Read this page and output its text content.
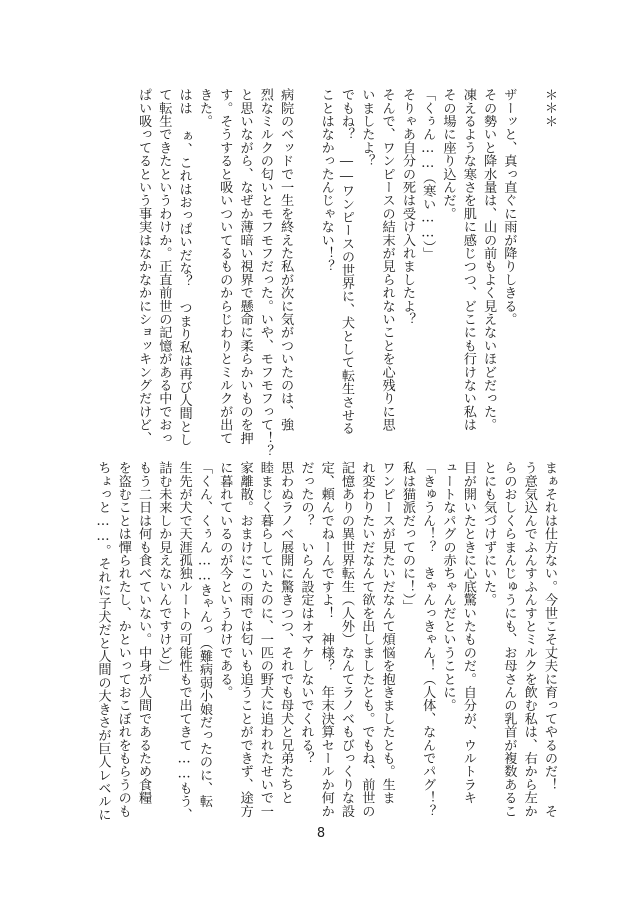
＊＊＊

ザーッと、真っ直ぐに雨が降りしきる。
その勢いと降水量は、山の前もよく見えないほどだった。
凍えるような寒さを肌に感じつつ、どこにも行けない私は
その場に座り込んだ。
「くぅん……（寒い……）」
そりゃあ自分の死は受け入れましたよ？
そんで、ワンピースの結末が見られないことを心残りに思
いましたよ？
でもね？　――ワンピースの世界に、犬として転生させる
ことはなかったんじゃない！？

病院のベッドで一生を終えた私が次に気がついたのは、強
烈なミルクの匂いとモフモフだった。いや、モフモフって！？
と思いながら、なぜか薄暗い視界で懸命に柔らかいものを押
す。そうすると吸いついてるものからじわりとミルクが出て
きた。
はは ぁ、これはおっぱいだな？　つまり私は再び人間とし
て転生できたというわけか。正直前世の記憶がある中でおっ
ぱい吸ってるという事実はなかなかにショッキングだけど、
まぁそれは仕方ない。今世こそ丈夫に育ってやるのだ！　そ
う意気込んでふんすふんすとミルクを飲む私は、右から左か
らのおしくらまんじゅうにも、お母さんの乳首が複数あるこ
とにも気づけずにいた。
目が開いたときに心底驚いたものだ。自分が、ウルトラキ
ュートなパグの赤ちゃんだということに。
「きゅうん！？　きゃんっきゃん！（人体、なんでパグ！？
私は猫派だってのに！）」
ワンピースが見たいだなんて煩悩を抱きましたとも。生ま
れ変わりたいだなんて欲を出しましたとも。でもね、前世の
記憶ありの異世界転生（人外）なんてラノベもびっくりな設
定、頼んでねーんですよ！　神様？　年末決算セールか何か
だったの？　いらん設定はオマケしないでくれる？
思わぬラノベ展開に驚きつつ、それでも母犬と兄弟たちと
睦まじく暮らしていたのに、一匹の野犬に追われたせいで一
家離散。おまけにこの雨では匂いも追うことができず、途方
に暮れているのが今というわけである。
「くん、くぅん……きゃんっ（難病弱小娘だったのに、転
生先が犬で天涯孤独ルートの可能性もで出てきて……もう、
詰む未来しか見えないんですけど）」
もう二日は何も食べていない。中身が人間であるため食糧
を盗むことは憚られたし、かといっておこぼれをもらうのも
ちょっと……。それに子犬だと人間の大きさが巨人レベルに
8
